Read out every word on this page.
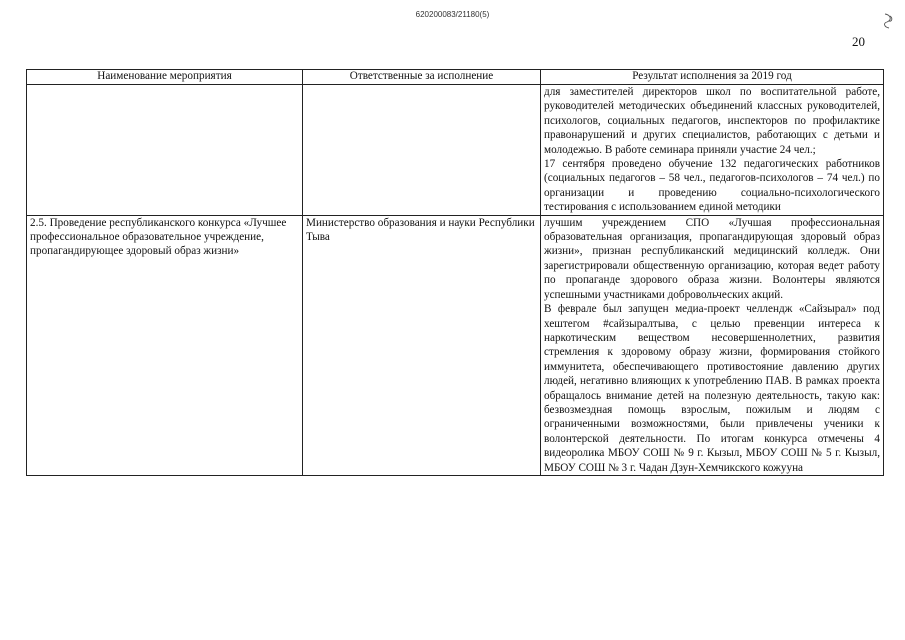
620200083/21180(5)
20
Наименование мероприятия	Ответственные за исполнение	Результат исполнения за 2019 год

		для заместителей директоров школ по воспитательной работе, руководителей методических объединений классных руководителей, психологов, социальных педагогов, инспекторов по профилактике правонарушений и других специалистов, работающих с детьми и молодежью. В работе семинара приняли участие 24 чел.;

17 сентября проведено обучение 132 педагогических работников (социальных педагогов – 58 чел., педагогов-психологов – 74 чел.) по организации и проведению социально-психологического тестирования с использованием единой методики

2.5. Проведение республиканского конкурса «Лучшее профессиональное образовательное учреждение, пропагандирующее здоровый образ жизни»	Министерство образования и науки Республики Тыва	лучшим учреждением СПО «Лучшая профессиональная образовательная организация, пропагандирующая здоровый образ жизни», признан республиканский медицинский колледж. Они зарегистрировали общественную организацию, которая ведет работу по пропаганде здорового образа жизни. Волонтеры являются успешными участниками добровольческих акций.

В феврале был запущен медиа-проект челлендж «Сайзырал» под хештегом #сайзыралтыва, с целью превенции интереса к наркотическим веществом несовершеннолетних, развития стремления к здоровому образу жизни, формирования стойкого иммунитета, обеспечивающего противостояние давлению других людей, негативно влияющих к употреблению ПАВ. В рамках проекта обращалось внимание детей на полезную деятельность, такую как: безвозмездная помощь взрослым, пожилым и людям с ограниченными возможностями, были привлечены ученики к волонтерской деятельности. По итогам конкурса отмечены 4 видеоролика МБОУ СОШ № 9 г. Кызыл, МБОУ СОШ № 5 г. Кызыл, МБОУ СОШ № 3 г. Чадан Дзун-Хемчикского кожууна
